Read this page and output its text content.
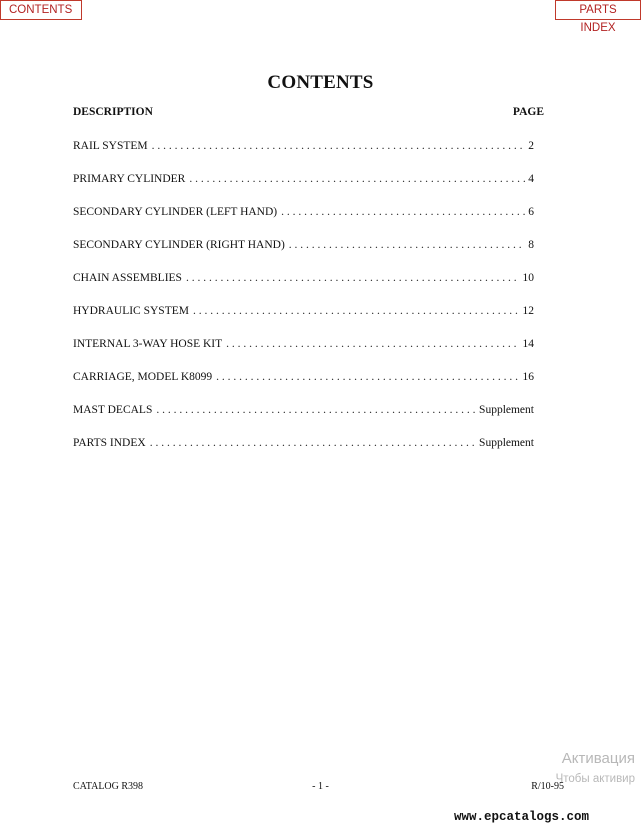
CONTENTS	PARTS INDEX
CONTENTS
DESCRIPTION	PAGE
RAIL SYSTEM . . .	2
PRIMARY CYLINDER . . .	4
SECONDARY CYLINDER (LEFT HAND) . . .	6
SECONDARY CYLINDER (RIGHT HAND) . . .	8
CHAIN ASSEMBLIES . . .	10
HYDRAULIC SYSTEM . . .	12
INTERNAL 3-WAY HOSE KIT . . .	14
CARRIAGE, MODEL K8099 . . .	16
MAST DECALS . . .	Supplement
PARTS INDEX . . .	Supplement
- 1 -
CATALOG R398	R/10-95
Активация
Чтобы активир
www.epcatalogs.com
